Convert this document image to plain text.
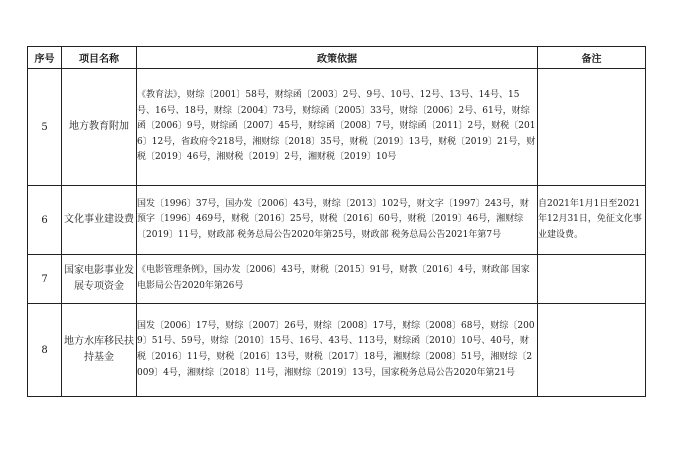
序号	项目名称	政策依据	备注
5	地方教育附加	《教育法》，财综〔2001〕58号，财综函〔2003〕2号、9号、10号、12号、13号、14号、15号、16号、18号，财综〔2004〕73号，财综函〔2005〕33号，财综〔2006〕2号、61号，财综函〔2006〕9号，财综函〔2007〕45号，财综函〔2008〕7号，财综函〔2011〕2号，财税〔2016〕12号，省政府令218号，湘财综〔2018〕35号，财税〔2019〕13号，财税〔2019〕21号，财税〔2019〕46号，湘财税〔2019〕2号，湘财税〔2019〕10号	
6	文化事业建设费	国发〔1996〕37号，国办发〔2006〕43号，财综〔2013〕102号，财文字〔1997〕243号，财预字〔1996〕469号，财税〔2016〕25号，财税〔2016〕60号，财税〔2019〕46号，湘财综〔2019〕11号，财政部 税务总局公告2020年第25号，财政部 税务总局公告2021年第7号	自2021年1月1日至2021年12月31日，免征文化事业建设费。
7	国家电影事业发展专项资金	《电影管理条例》，国办发〔2006〕43号，财税〔2015〕91号，财教〔2016〕4号，财政部 国家电影局公告2020年第26号	
8	地方水库移民扶持基金	国发〔2006〕17号，财综〔2007〕26号，财综〔2008〕17号，财综〔2008〕68号，财综〔2009〕51号、59号，财综〔2010〕15号、16号、43号、113号，财综函〔2010〕10号、40号，财税〔2016〕11号，财税〔2016〕13号，财税〔2017〕18号，湘财综〔2008〕51号，湘财综〔2009〕4号，湘财综〔2018〕11号，湘财综〔2019〕13号，国家税务总局公告2020年第21号	
